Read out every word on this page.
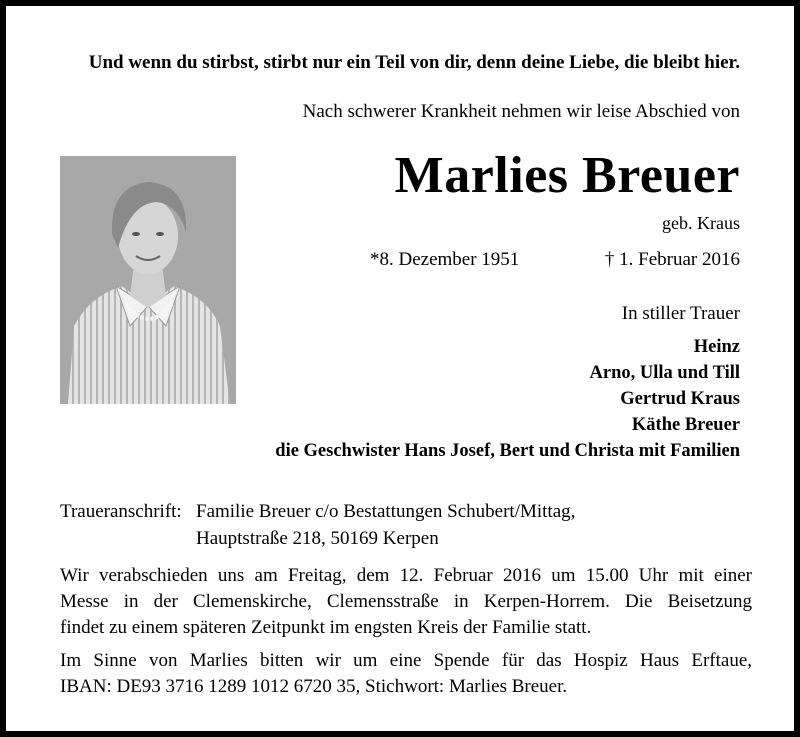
Und wenn du stirbst, stirbt nur ein Teil von dir, denn deine Liebe, die bleibt hier.
Nach schwerer Krankheit nehmen wir leise Abschied von
Marlies Breuer
geb. Kraus
*8. Dezember 1951	† 1. Februar 2016
In stiller Trauer
Heinz
Arno, Ulla und Till
Gertrud Kraus
Käthe Breuer
die Geschwister Hans Josef, Bert und Christa mit Familien
Traueranschrift: Familie Breuer c/o Bestattungen Schubert/Mittag,
Hauptstraße 218, 50169 Kerpen
Wir verabschieden uns am Freitag, dem 12. Februar 2016 um 15.00 Uhr mit einer
Messe in der Clemenskirche, Clemensstraße in Kerpen-Horrem. Die Beisetzung
findet zu einem späteren Zeitpunkt im engsten Kreis der Familie statt.
Im Sinne von Marlies bitten wir um eine Spende für das Hospiz Haus Erftaue,
IBAN: DE93 3716 1289 1012 6720 35, Stichwort: Marlies Breuer.
